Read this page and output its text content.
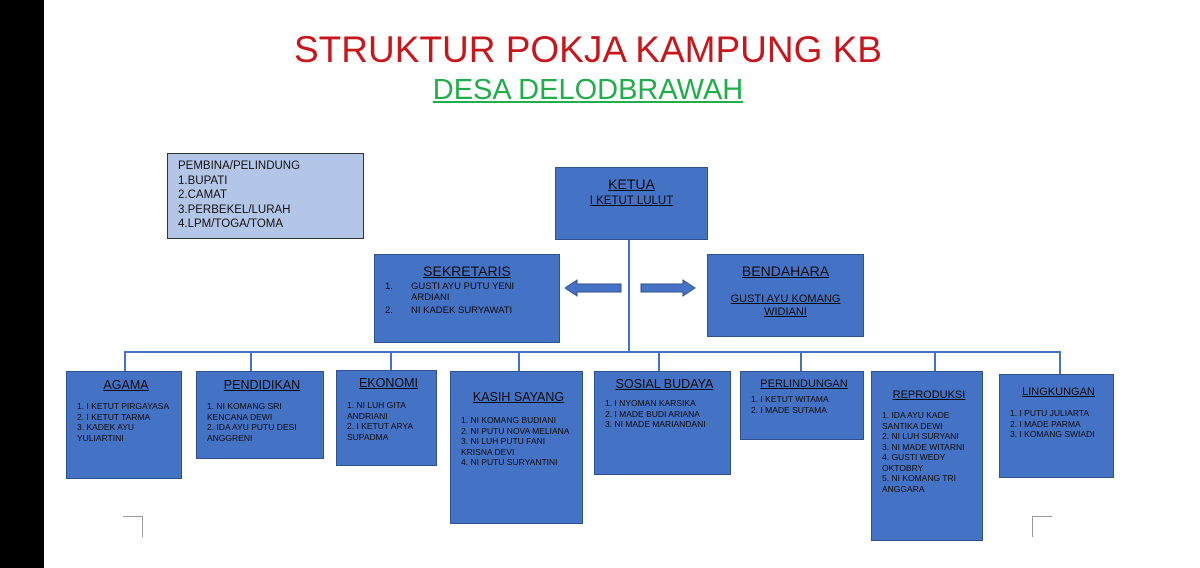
STRUKTUR POKJA KAMPUNG KB
DESA DELODBRAWAH
PEMBINA/PELINDUNG
1.BUPATI
2.CAMAT
3.PERBEKEL/LURAH
4.LPM/TOGA/TOMA
KETUA
I KETUT LULUT
SEKRETARIS
1.	GUSTI AYU PUTU YENI ARDIANI
2.	NI KADEK SURYAWATI
BENDAHARA
GUSTI AYU KOMANG WIDIANI
AGAMA
1. I KETUT PIRGAYASA
2. I KETUT TARMA
3. KADEK AYU YULIARTINI
PENDIDIKAN
1. NI KOMANG SRI KENCANA DEWI
2. IDA AYU PUTU DESI ANGGRENI
EKONOMI
1. NI LUH GITA ANDRIANI
2. I KETUT ARYA SUPADMA
KASIH SAYANG
1. NI KOMANG BUDIANI
2. NI PUTU NOVA MELIANA
3. NI LUH PUTU FANI KRISNA DEVI
4. NI PUTU SURYANTINI
SOSIAL BUDAYA
1. I NYOMAN KARSIKA
2. I MADE BUDI ARIANA
3. NI MADE MARIANDANI
PERLINDUNGAN
1. I KETUT WITAMA
2. I MADE SUTAMA
REPRODUKSI
1. IDA AYU KADE SANTIKA DEWI
2. NI LUH SURYANI
3. NI MADE WITARNI
4. GUSTI WEDY OKTOBRY
5. NI KOMANG TRI ANGGARA
LINGKUNGAN
1. I PUTU JULIARTA
2. I MADE PARMA
3. I KOMANG SWIADI
